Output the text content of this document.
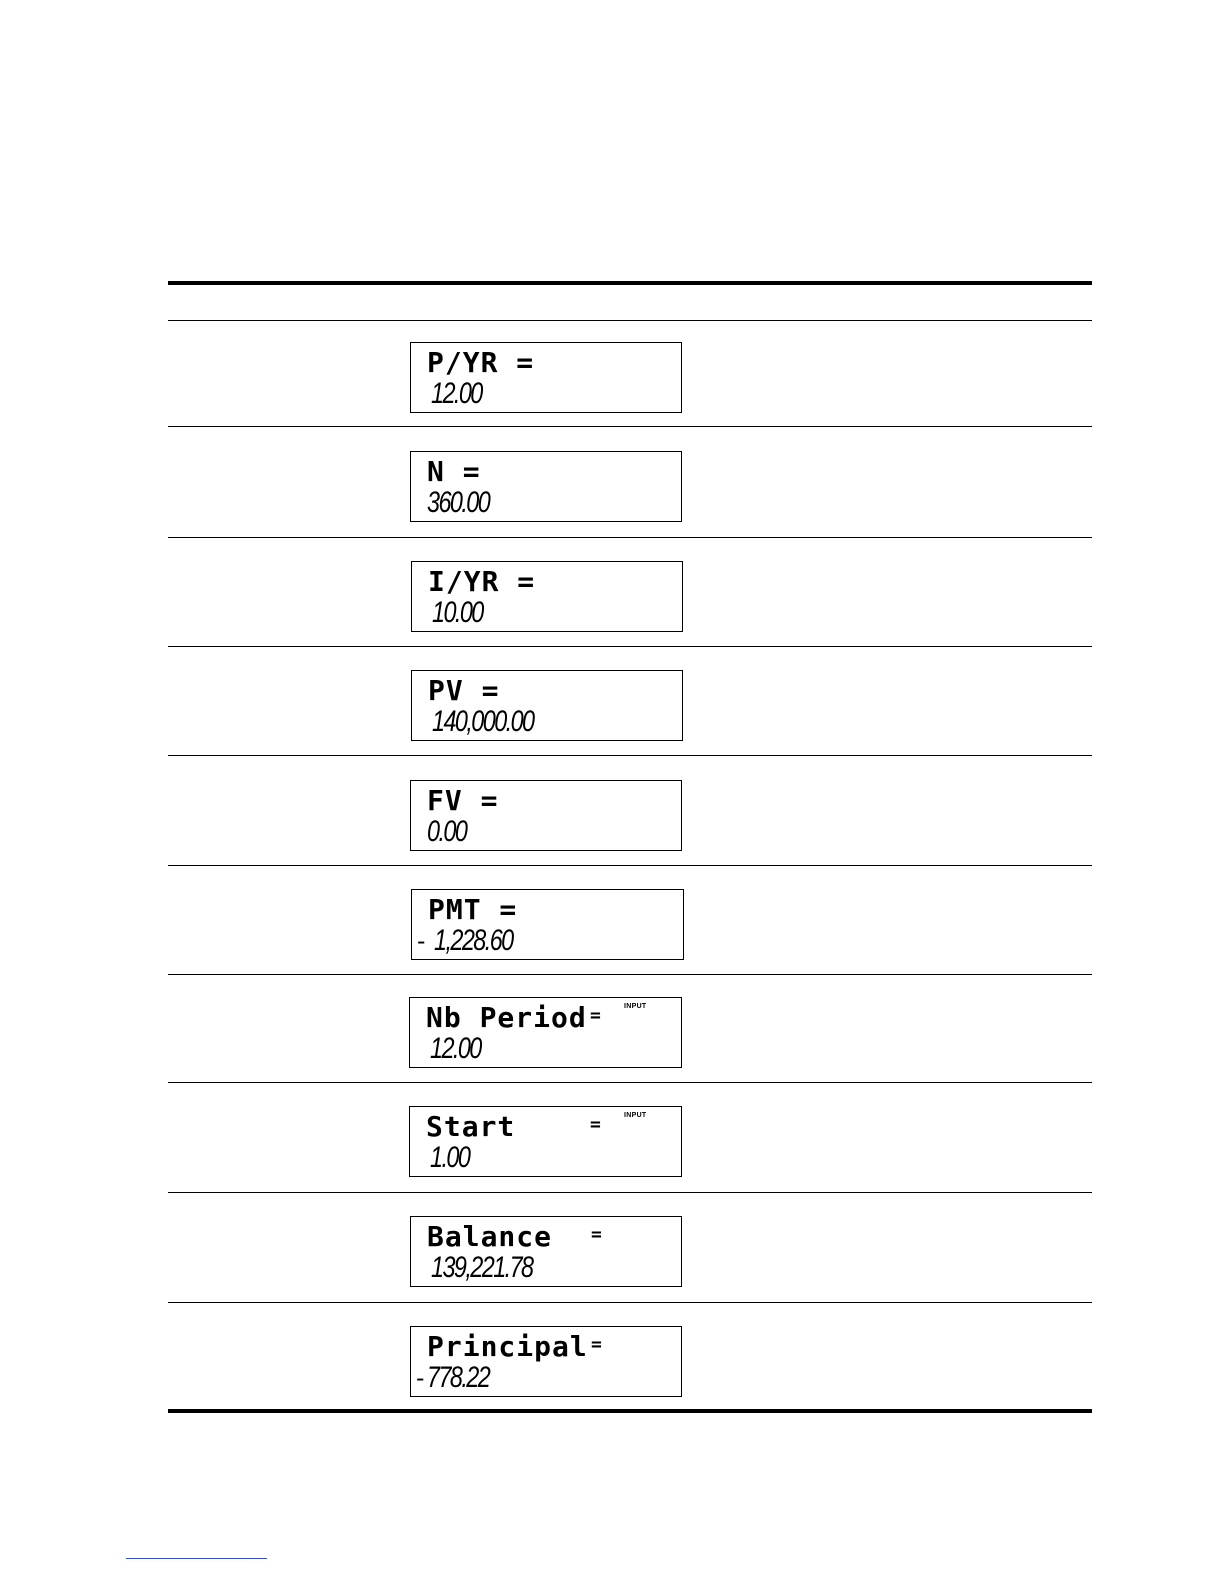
P/YR =
12.00
N =
360.00
I/YR =
10.00
PV =
140,000.00
FV =
0.00
PMT =
- 1,228.60
Nb Period =	INPUT
12.00
Start	=	INPUT
1.00
Balance =
139,221.78
Principal =
- 778.22
